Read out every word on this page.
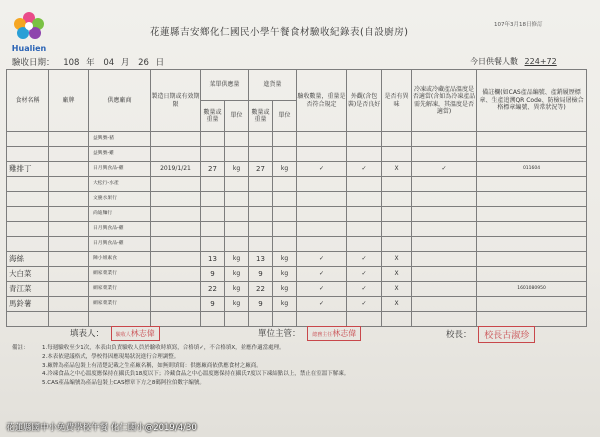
Hualien
107年3月18日修訂
花蓮縣吉安鄉化仁國民小學午餐食材驗收紀錄表(自設廚房)
驗收日期： 108 年 04 月 26 日	今日供餐人數 224+72
食材名稱	廠牌	供應廠商	製造日期或有效期限	菜單供應量		進貨量		驗收數量，重量是否符合規定	外觀(含包裝)是否良好	是否有異味	冷凍或冷藏產品溫度是否適當(含如為冷凍產品需先解凍，其溫度是否適當)	備註欄(如CAS產品編號、產銷履歷標章、生產追溯QR Code、防檢局屠檢合格標章編號、異常狀況等)
				數量或重量	單位	數量或重量	單位					
		益興號-豬										
		益興號-雞										
雞排丁		日月興食品-雞	2019/1/21	27	kg	27	kg	✓	✓	X	✓	011604
		大松行-水產										
		文慶水果行										
		尚迪麵行										
		日月興食品-雞										
		日月興食品-雞										
海絲		陳小姐素食		13	kg	13	kg	✓	✓	X		
大白菜		網家菜業行		9	kg	9	kg	✓	✓	X		
青江菜		網家菜業行		22	kg	22	kg	✓	✓	X		1601080950
馬鈴薯		網家菜業行		9	kg	9	kg	✓	✓	X		

填表人： 驗收人林志偉	單位主管： 總務主任林志偉	校長： 校長古淑珍
備註： 1.每週驗收至少1次，本表由負責驗收人員於驗收時填寫，合格填✓，不合格填X，並應作適當處理。
2.本表依建議格式，學校得因應現場狀況進行合理調整。
3.廠牌為產品包裝上有清楚記載之生產廠名稱，如無則填寫：供應廠商依供應食材之廠商。
4.冷凍食品之中心溫度應保持在攝氏負18度以下；冷藏食品之中心溫度應保持在攝氏7度以下凍結點以上，禁止在室溫下解凍。
5.CAS產品編號為產品包裝上CAS標章下方之8碼阿拉伯數字編號。
花蓮縣國中小免費學校午餐 化仁國小@2019/4/30
